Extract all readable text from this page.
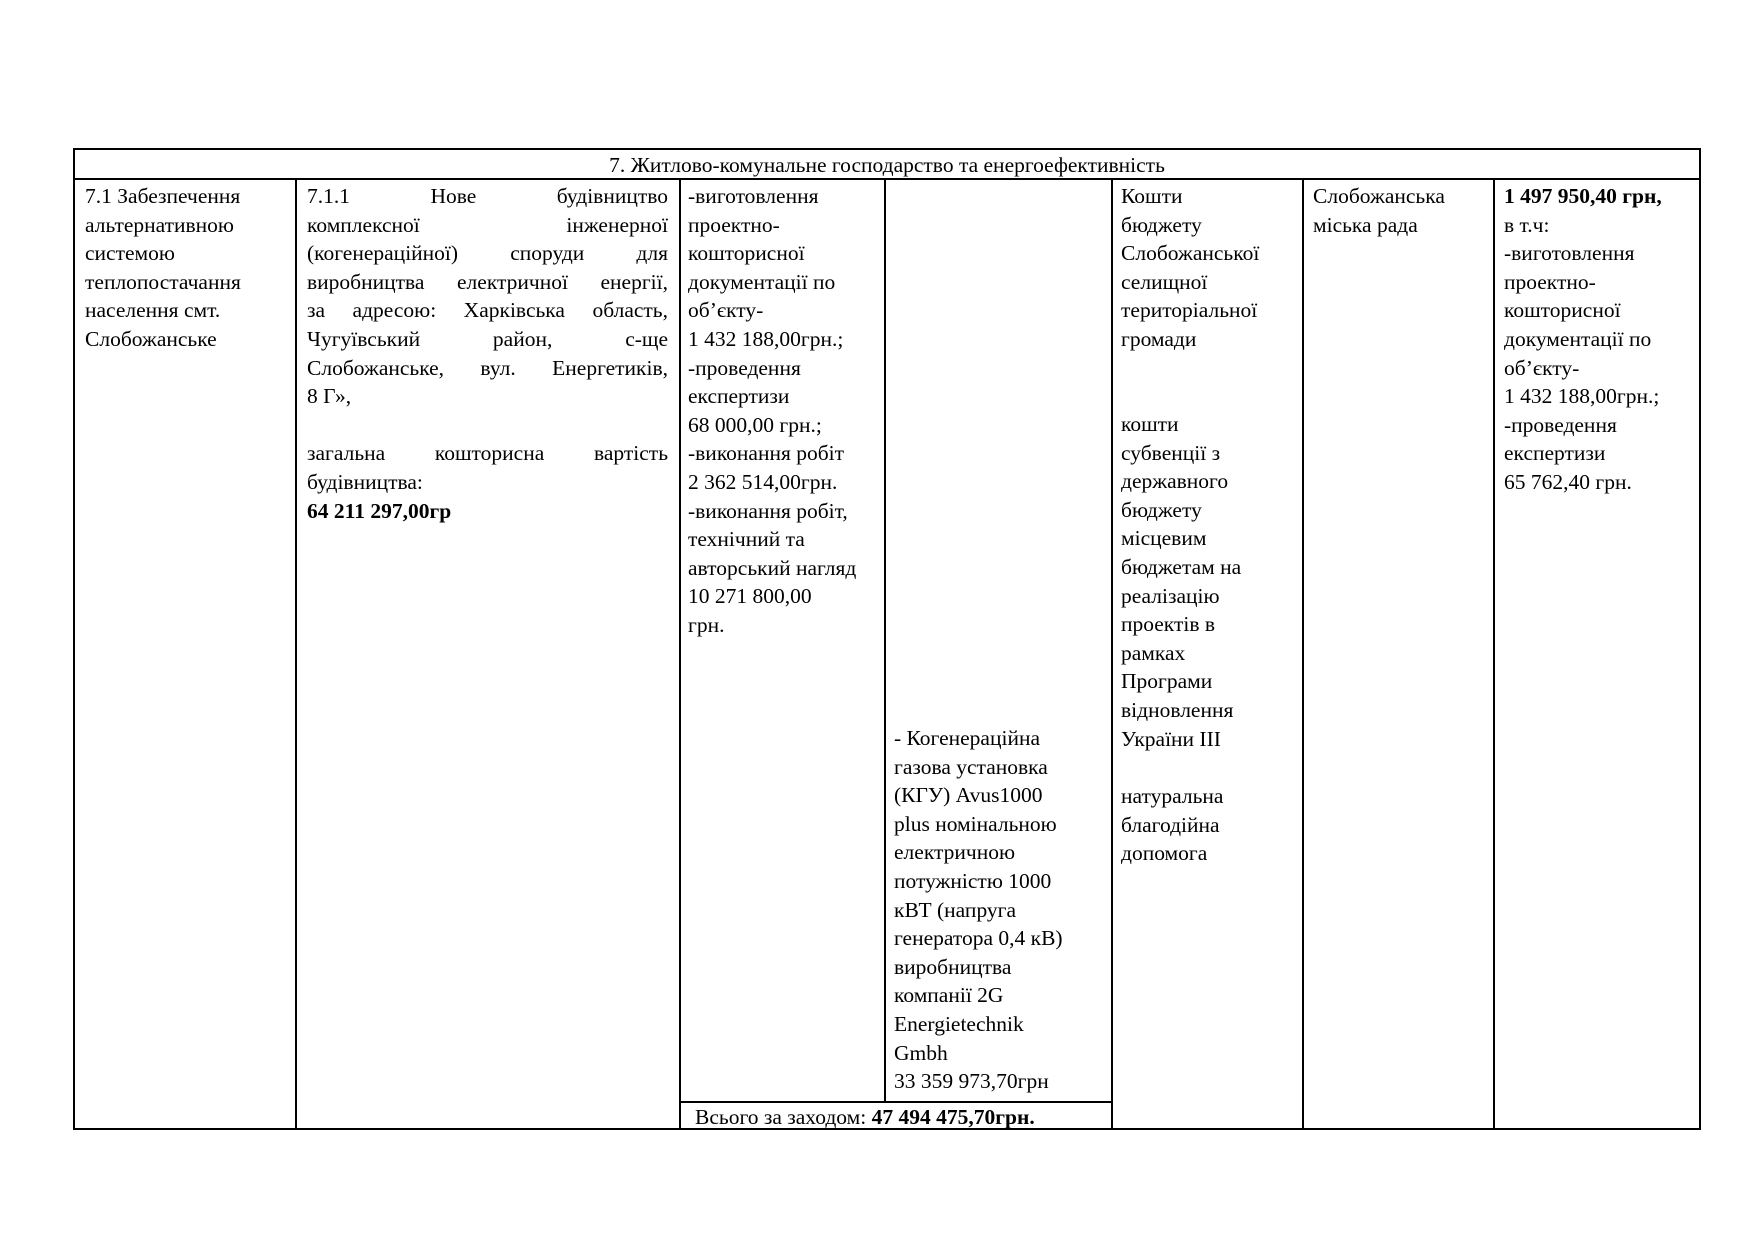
7. Житлово-комунальне господарство та енергоефективність
7.1 Забезпечення альтернативною системою теплопостачання населення смт. Слобожанське
7.1.1	Нове будівництво
комплексної інженерної
(когенераційної) споруди для
виробництва електричної енергії,
за адресою: Харківська область,
Чугуївський район, с-ще
Слобожанське, вул. Енергетиків,
8 Г»,
загальна кошторисна вартість
будівництва:
64 211 297,00гр
-виготовлення
проектно-
кошторисної
документації по
об’єкту-
1 432 188,00грн.;
-проведення
експертизи
68 000,00 грн.;
-виконання робіт
2 362 514,00грн.
-виконання робіт,
технічний та
авторський нагляд
10 271 800,00
грн.
- Когенераційна
газова установка
(КГУ) Avus1000
plus номінальною
електричною
потужністю 1000
кВТ (напруга
генератора 0,4 кВ)
виробництва
компанії 2G
Energietechnik
Gmbh
33 359 973,70грн
Всього за заходом: 47 494 475,70грн.
Кошти
бюджету
Слобожанської
селищної
територіальної
громади
кошти
субвенції з
державного
бюджету
місцевим
бюджетам на
реалізацію
проектів в
рамках
Програми
відновлення
України ІІІ
натуральна
благодійна
допомога
Слобожанська
міська рада
1 497 950,40 грн,
в т.ч:
-виготовлення
проектно-
кошторисної
документації по
об’єкту-
1 432 188,00грн.;
-проведення
експертизи
65 762,40 грн.
